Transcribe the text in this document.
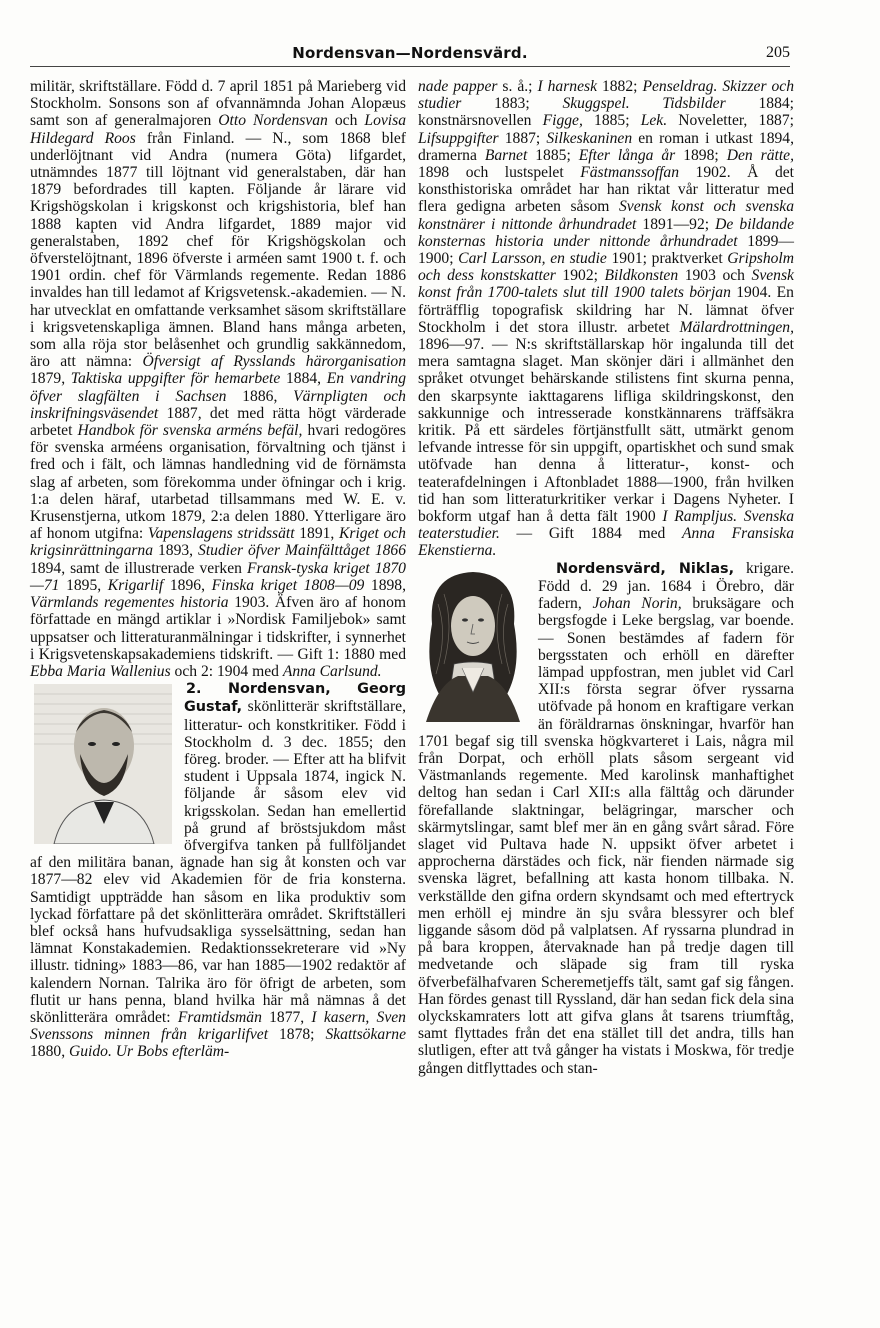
Nordensvan—Nordensvärd.	205

militär, skriftställare. Född d. 7 april 1851 på Marieberg vid Stockholm. Sonsons son af ofvannämnda Johan Alopæus samt son af generalmajoren Otto Nordensvan och Lovisa Hildegard Roos från Finland. — N., som 1868 blef underlöjtnant vid Andra (numera Göta) lifgardet, utnämndes 1877 till löjtnant vid generalstaben, där han 1879 befordrades till kapten. Följande år lärare vid Krigshögskolan i krigskonst och krigshistoria, blef han 1888 kapten vid Andra lifgardet, 1889 major vid generalstaben, 1892 chef för Krigshögskolan och öfverstelöjtnant, 1896 öfverste i arméen samt 1900 t. f. och 1901 ordin. chef för Värmlands regemente. Redan 1886 invaldes han till ledamot af Krigsvetensk.-akademien. — N. har utvecklat en omfattande verksamhet säsom skriftställare i krigsvetenskapliga ämnen. Bland hans många arbeten, som alla röja stor belåsenhet och grundlig sakkännedom, äro att nämna: Öfversigt af Rysslands härorganisation 1879, Taktiska uppgifter för hemarbete 1884, En vandring öfver slagfälten i Sachsen 1886, Värnpligten och inskrifningsväsendet 1887, det med rätta högt värderade arbetet Handbok för svenska arméns befäl, hvari redogöres för svenska arméens organisation, förvaltning och tjänst i fred och i fält, och lämnas handledning vid de förnämsta slag af arbeten, som förekomma under öfningar och i krig. 1:a delen häraf, utarbetad tillsammans med W. E. v. Krusenstjerna, utkom 1879, 2:a delen 1880. Ytterligare äro af honom utgifna: Vapenslagens stridssätt 1891, Kriget och krigsinrättningarna 1893, Studier öfver Mainfälttåget 1866 1894, samt de illustrerade verken Fransk-tyska kriget 1870—71 1895, Krigarlif 1896, Finska kriget 1808—09 1898, Värmlands regementes historia 1903. Äfven äro af honom författade en mängd artiklar i »Nordisk Familjebok» samt uppsatser och litteraturanmälningar i tidskrifter, i synnerhet i Krigsvetenskapsakademiens tidskrift. — Gift 1: 1880 med Ebba Maria Wallenius och 2: 1904 med Anna Carlsund.

2. Nordensvan, Georg Gustaf, skönlitterär skriftställare, litteratur- och konstkritiker. Född i Stockholm d. 3 dec. 1855; den föreg. broder. — Efter att ha blifvit student i Uppsala 1874, ingick N. följande år såsom elev vid krigsskolan. Sedan han emellertid på grund af bröstsjukdom måst öfvergifva tanken på fullföljandet af den militära banan, ägnade han sig åt konsten och var 1877—82 elev vid Akademien för de fria konsterna. Samtidigt uppträdde han såsom en lika produktiv som lyckad författare på det skönlitterära området. Skriftställeri blef också hans hufvudsakliga sysselsättning, sedan han lämnat Konstakademien. Redaktionssekreterare vid »Ny illustr. tidning» 1883—86, var han 1885—1902 redaktör af kalendern Nornan. Talrika äro för öfrigt de arbeten, som flutit ur hans penna, bland hvilka här må nämnas å det skönlitterära området: Framtidsmän 1877, I kasern, Sven Svenssons minnen från krigarlifvet 1878; Skattsökarne 1880, Guido. Ur Bobs efterläm-

nade papper s. å.; I harnesk 1882; Penseldrag. Skizzer och studier 1883; Skuggspel. Tidsbilder 1884; konstnärsnovellen Figge, 1885; Lek. Noveletter, 1887; Lifsuppgifter 1887; Silkeskaninen en roman i utkast 1894, dramerna Barnet 1885; Efter långa år 1898; Den rätte, 1898 och lustspelet Fästmanssoffan 1902. Å det konsthistoriska området har han riktat vår litteratur med flera gedigna arbeten såsom Svensk konst och svenska konstnärer i nittonde århundradet 1891—92; De bildande konsternas historia under nittonde århundradet 1899—1900; Carl Larsson, en studie 1901; praktverket Gripsholm och dess konstskatter 1902; Bildkonsten 1903 och Svensk konst från 1700-talets slut till 1900 talets början 1904. En förträfflig topografisk skildring har N. lämnat öfver Stockholm i det stora illustr. arbetet Mälardrottningen, 1896—97. — N:s skriftställarskap hör ingalunda till det mera samtagna slaget. Man skönjer däri i allmänhet den språket otvunget behärskande stilistens fint skurna penna, den skarpsynte iakttagarens lifliga skildringskonst, den sakkunnige och intresserade konstkännarens träffsäkra kritik. På ett särdeles förtjänstfullt sätt, utmärkt genom lefvande intresse för sin uppgift, opartiskhet och sund smak utöfvade han denna å litteratur-, konst- och teaterafdelningen i Aftonbladet 1888—1900, från hvilken tid han som litteraturkritiker verkar i Dagens Nyheter. I bokform utgaf han å detta fält 1900 I Rampljus. Svenska teaterstudier. — Gift 1884 med Anna Fransiska Ekenstierna.

Nordensvärd, Niklas,
krigare. Född d. 29 jan. 1684 i Örebro, där fadern, Johan Norin, bruksägare och bergsfogde i Leke bergslag, var boende. — Sonen bestämdes af fadern för bergsstaten och erhöll en därefter lämpad uppfostran, men jublet vid Carl XII:s första segrar öfver ryssarna utöfvade på honom en kraftigare verkan än föräldrarnas önskningar, hvarför han 1701 begaf sig till svenska högkvarteret i Lais, några mil från Dorpat, och erhöll plats såsom sergeant vid Västmanlands regemente. Med karolinsk manhaftighet deltog han sedan i Carl XII:s alla fälttåg och därunder förefallande slaktningar, belägringar, marscher och skärmytslingar, samt blef mer än en gång svårt sårad. Före slaget vid Pultava hade N. uppsikt öfver arbetet i approcherna därstädes och fick, när fienden närmade sig svenska lägret, befallning att kasta honom tillbaka. N. verkställde den gifna ordern skyndsamt och med eftertryck men erhöll ej mindre än sju svåra blessyrer och blef liggande såsom död på valplatsen. Af ryssarna plundrad in på bara kroppen, återvaknade han på tredje dagen till medvetande och släpade sig fram till ryska öfverbefälhafvaren Scheremetjeffs tält, samt gaf sig fången. Han fördes genast till Ryssland, där han sedan fick dela sina olyckskamraters lott att gifva glans åt tsarens triumftåg, samt flyttades från det ena stället till det andra, tills han slutligen, efter att två gånger ha vistats i Moskwa, för tredje gången ditflyttades och stan-
